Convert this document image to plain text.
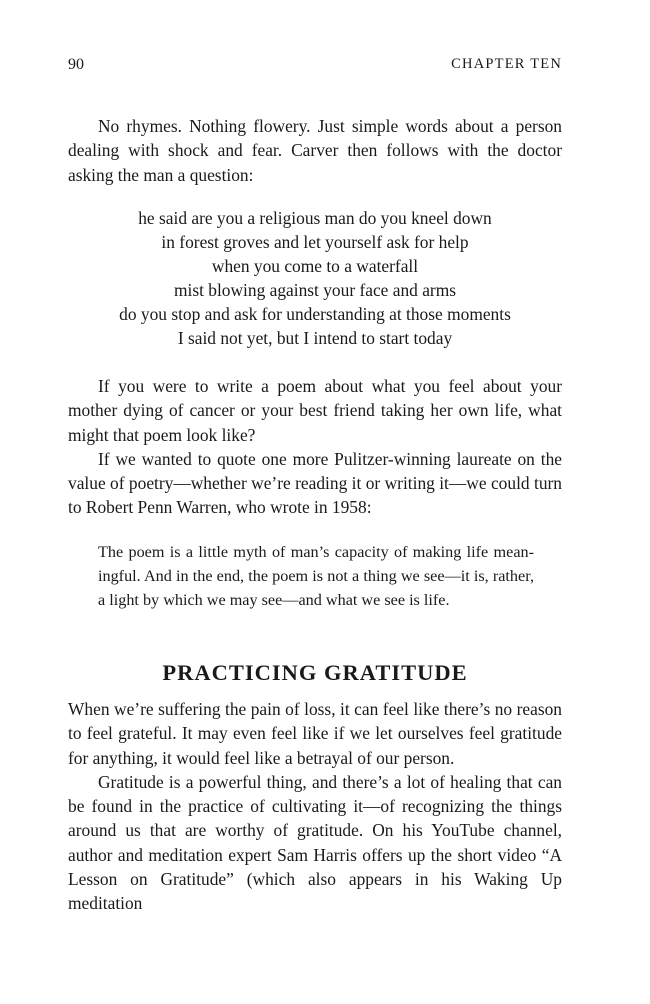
90	CHAPTER TEN

No rhymes. Nothing flowery. Just simple words about a person dealing with shock and fear. Carver then follows with the doctor asking the man a question:

he said are you a religious man do you kneel down
in forest groves and let yourself ask for help
when you come to a waterfall
mist blowing against your face and arms
do you stop and ask for understanding at those moments
I said not yet, but I intend to start today

If you were to write a poem about what you feel about your mother dying of cancer or your best friend taking her own life, what might that poem look like?

If we wanted to quote one more Pulitzer-winning laureate on the value of poetry—whether we’re reading it or writing it—we could turn to Robert Penn Warren, who wrote in 1958:

The poem is a little myth of man’s capacity of making life meaningful. And in the end, the poem is not a thing we see—it is, rather, a light by which we may see—and what we see is life.

PRACTICING GRATITUDE

When we’re suffering the pain of loss, it can feel like there’s no reason to feel grateful. It may even feel like if we let ourselves feel gratitude for anything, it would feel like a betrayal of our person.

Gratitude is a powerful thing, and there’s a lot of healing that can be found in the practice of cultivating it—of recognizing the things around us that are worthy of gratitude. On his YouTube channel, author and meditation expert Sam Harris offers up the short video “A Lesson on Gratitude” (which also appears in his Waking Up meditation
